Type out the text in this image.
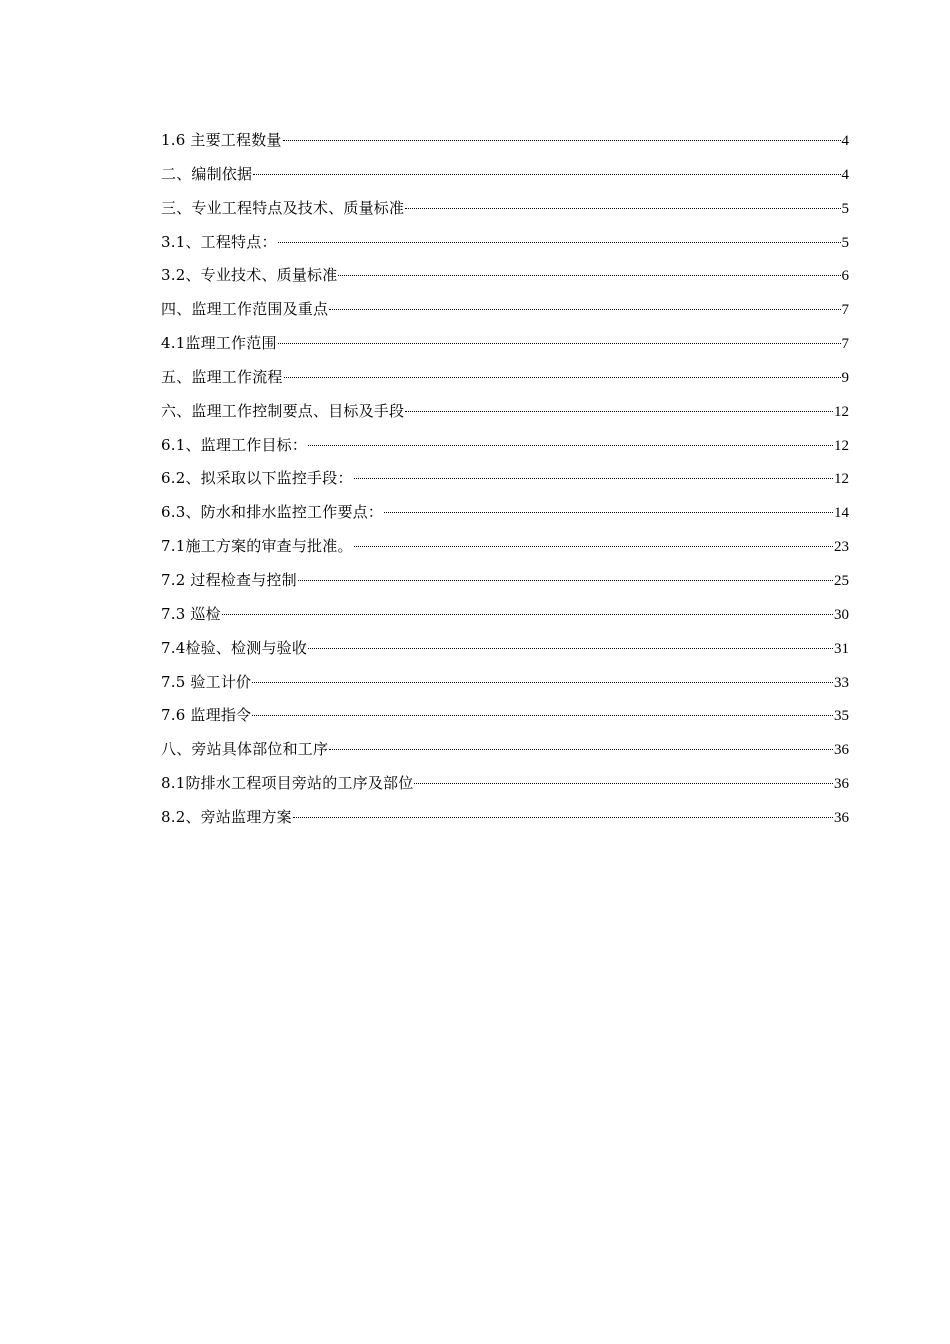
1.6 主要工程数量	4
二、编制依据	4
三、专业工程特点及技术、质量标准	5
3.1、工程特点：	5
3.2、专业技术、质量标准	6
四、监理工作范围及重点	7
4.1监理工作范围	7
五、监理工作流程	9
六、监理工作控制要点、目标及手段	12
6.1、监理工作目标：	12
6.2、拟采取以下监控手段：	12
6.3、防水和排水监控工作要点：	14
7.1施工方案的审查与批准。	23
7.2 过程检查与控制	25
7.3 巡检	30
7.4检验、检测与验收	31
7.5 验工计价	33
7.6 监理指令	35
八、旁站具体部位和工序	36
8.1防排水工程项目旁站的工序及部位	36
8.2、旁站监理方案	36
